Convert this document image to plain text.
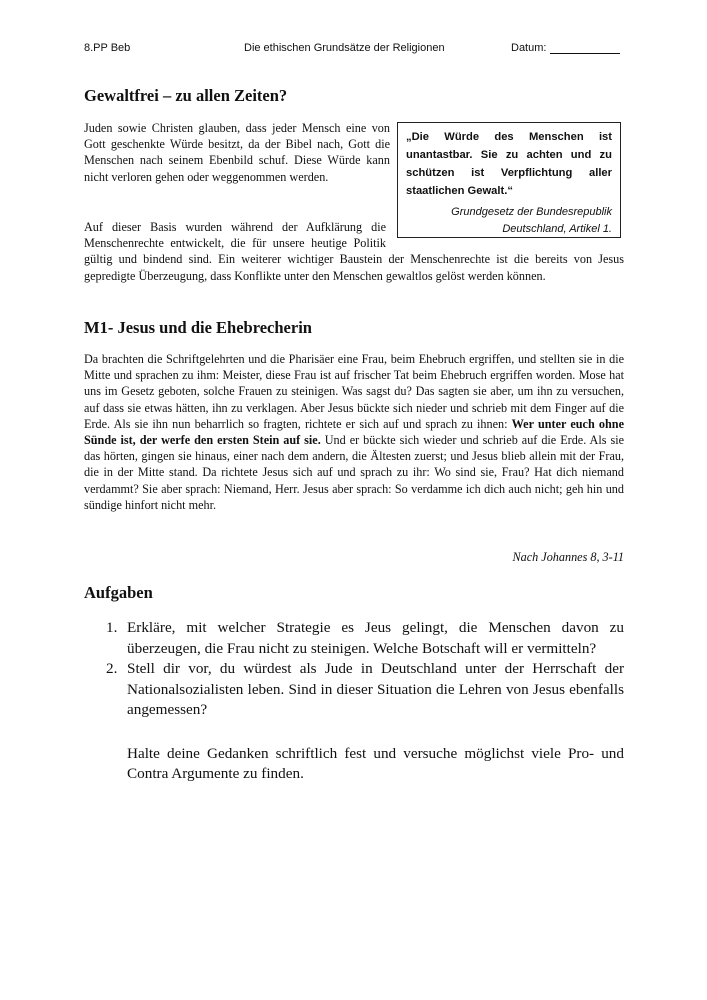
8.PP Beb	Die ethischen Grundsätze der Religionen	Datum:
Gewaltfrei – zu allen Zeiten?
Juden sowie Christen glauben, dass jeder Mensch eine von Gott geschenkte Würde besitzt, da der Bibel nach, Gott die Menschen nach seinem Ebenbild schuf. Diese Würde kann nicht verloren gehen oder weggenommen werden.
„Die Würde des Menschen ist unantastbar. Sie zu achten und zu schützen ist Verpflichtung aller staatlichen Gewalt.“
Grundgesetz der Bundesrepublik Deutschland, Artikel 1.
Auf dieser Basis wurden während der Aufklärung die Menschenrechte entwickelt, die für unsere heutige Politik gültig und bindend sind. Ein weiterer wichtiger Baustein der Menschenrechte ist die bereits von Jesus gepredigte Überzeugung, dass Konflikte unter den Menschen gewaltlos gelöst werden können.
M1- Jesus und die Ehebrecherin
Da brachten die Schriftgelehrten und die Pharisäer eine Frau, beim Ehebruch ergriffen, und stellten sie in die Mitte und sprachen zu ihm: Meister, diese Frau ist auf frischer Tat beim Ehebruch ergriffen worden. Mose hat uns im Gesetz geboten, solche Frauen zu steinigen. Was sagst du? Das sagten sie aber, um ihn zu versuchen, auf dass sie etwas hätten, ihn zu verklagen. Aber Jesus bückte sich nieder und schrieb mit dem Finger auf die Erde. Als sie ihn nun beharrlich so fragten, richtete er sich auf und sprach zu ihnen: Wer unter euch ohne Sünde ist, der werfe den ersten Stein auf sie. Und er bückte sich wieder und schrieb auf die Erde. Als sie das hörten, gingen sie hinaus, einer nach dem andern, die Ältesten zuerst; und Jesus blieb allein mit der Frau, die in der Mitte stand. Da richtete Jesus sich auf und sprach zu ihr: Wo sind sie, Frau? Hat dich niemand verdammt? Sie aber sprach: Niemand, Herr. Jesus aber sprach: So verdamme ich dich auch nicht; geh hin und sündige hinfort nicht mehr.
Nach Johannes 8, 3-11
Aufgaben
1. Erkläre, mit welcher Strategie es Jeus gelingt, die Menschen davon zu überzeugen, die Frau nicht zu steinigen. Welche Botschaft will er vermitteln?
2. Stell dir vor, du würdest als Jude in Deutschland unter der Herrschaft der Nationalsozialisten leben. Sind in dieser Situation die Lehren von Jesus ebenfalls angemessen?
Halte deine Gedanken schriftlich fest und versuche möglichst viele Pro- und Contra Argumente zu finden.
